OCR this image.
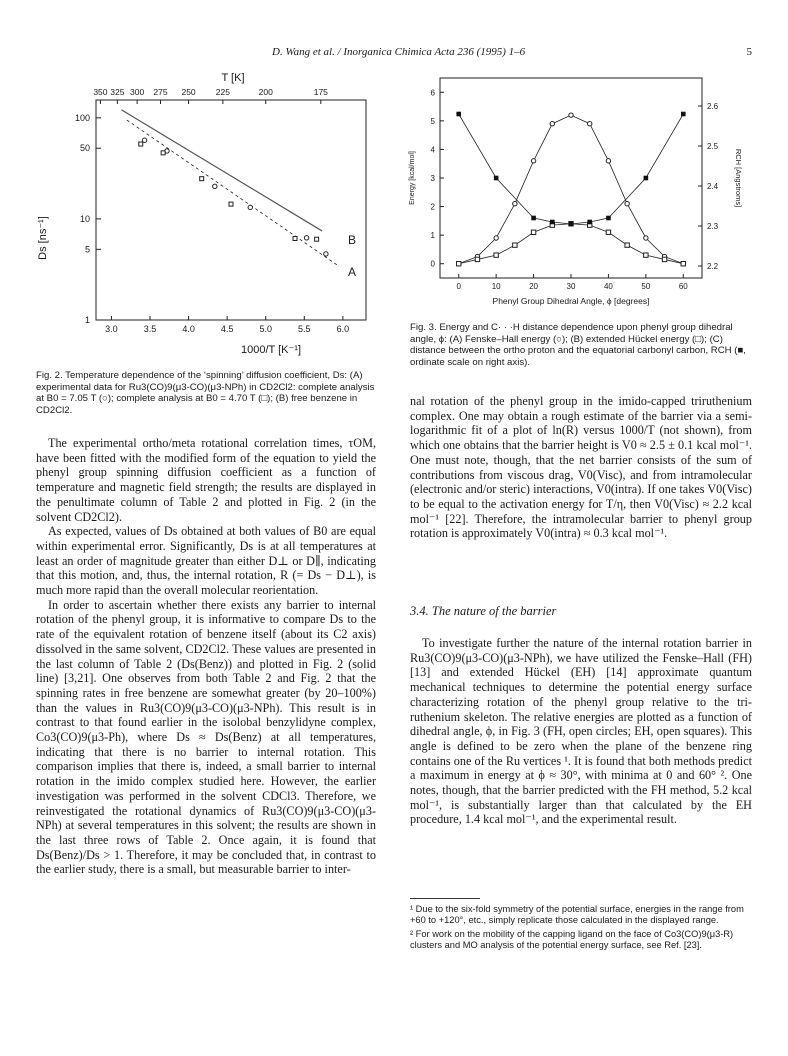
D. Wang et al. / Inorganica Chimica Acta 236 (1995) 1–6	5
T [K]
350 325 300 275 250 225	200	175
3.0	3.5	4.0	4.5	5.0	5.5	6.0
100
50
10
5
1
1000/T [K⁻¹]
Ds [ns⁻¹]	B
A
Fig. 2. Temperature dependence of the ‘spinning’ diffusion coefficient, Ds: (A) experimental data for Ru3(CO)9(μ3-CO)(μ3-NPh) in CD2Cl2: complete analysis at B0 = 7.05 T (○); complete analysis at B0 = 4.70 T (□); (B) free benzene in CD2Cl2.
0	10	20	30	40	50	60
0
1
2
3
4
5
6
2.2
2.3
2.4
2.5
2.6
Phenyl Group Dihedral Angle, ϕ [degrees]
Energy [kcal/mol]	RCH [Angstroms]
Fig. 3. Energy and C· · ·H distance dependence upon phenyl group dihedral angle, ϕ: (A) Fenske–Hall energy (○); (B) extended Hückel energy (□); (C) distance between the ortho proton and the equatorial carbonyl carbon, RCH (■, ordinate scale on right axis).

The experimental ortho/meta rotational correlation times, τOM, have been fitted with the modified form of the equation to yield the phenyl group spinning diffusion coefficient as a function of temperature and magnetic field strength; the results are displayed in the penultimate column of Table 2 and plotted in Fig. 2 (in the solvent CD2Cl2).

As expected, values of Ds obtained at both values of B0 are equal within experimental error. Significantly, Ds is at all temperatures at least an order of magnitude greater than either D⊥ or D∥, indicating that this motion, and, thus, the internal rotation, R (= Ds − D⊥), is much more rapid than the overall molecular reorientation.

In order to ascertain whether there exists any barrier to internal rotation of the phenyl group, it is informative to compare Ds to the rate of the equivalent rotation of benzene itself (about its C2 axis) dissolved in the same solvent, CD2Cl2. These values are presented in the last column of Table 2 (Ds(Benz)) and plotted in Fig. 2 (solid line) [3,21]. One observes from both Table 2 and Fig. 2 that the spinning rates in free benzene are somewhat greater (by 20–100%) than the values in Ru3(CO)9(μ3-CO)(μ3-NPh). This result is in contrast to that found earlier in the isolobal benzylidyne complex, Co3(CO)9(μ3-Ph), where Ds ≈ Ds(Benz) at all temperatures, indicating that there is no barrier to internal rotation. This comparison implies that there is, indeed, a small barrier to internal rotation in the imido complex studied here. However, the earlier investigation was performed in the solvent CDCl3. Therefore, we reinvestigated the rotational dynamics of Ru3(CO)9(μ3-CO)(μ3-NPh) at several temperatures in this solvent; the results are shown in the last three rows of Table 2. Once again, it is found that Ds(Benz)/Ds > 1. Therefore, it may be concluded that, in contrast to the earlier study, there is a small, but measurable barrier to inter-

nal rotation of the phenyl group in the imido-capped triruthenium complex. One may obtain a rough estimate of the barrier via a semi-logarithmic fit of a plot of ln(R) versus 1000/T (not shown), from which one obtains that the barrier height is V0 ≈ 2.5 ± 0.1 kcal mol⁻¹. One must note, though, that the net barrier consists of the sum of contributions from viscous drag, V0(Visc), and from intramolecular (electronic and/or steric) interactions, V0(intra). If one takes V0(Visc) to be equal to the activation energy for T/η, then V0(Visc) ≈ 2.2 kcal mol⁻¹ [22]. Therefore, the intramolecular barrier to phenyl group rotation is approximately V0(intra) ≈ 0.3 kcal mol⁻¹.

3.4. The nature of the barrier

To investigate further the nature of the internal rotation barrier in Ru3(CO)9(μ3-CO)(μ3-NPh), we have utilized the Fenske–Hall (FH) [13] and extended Hückel (EH) [14] approximate quantum mechanical techniques to determine the potential energy surface characterizing rotation of the phenyl group relative to the tri-ruthenium skeleton. The relative energies are plotted as a function of dihedral angle, ϕ, in Fig. 3 (FH, open circles; EH, open squares). This angle is defined to be zero when the plane of the benzene ring contains one of the Ru vertices ¹. It is found that both methods predict a maximum in energy at ϕ ≈ 30°, with minima at 0 and 60° ². One notes, though, that the barrier predicted with the FH method, 5.2 kcal mol⁻¹, is substantially larger than that calculated by the EH procedure, 1.4 kcal mol⁻¹, and the experimental result.

¹ Due to the six-fold symmetry of the potential surface, energies in the range from +60 to +120°, etc., simply replicate those calculated in the displayed range.
² For work on the mobility of the capping ligand on the face of Co3(CO)9(μ3-R) clusters and MO analysis of the potential energy surface, see Ref. [23].
